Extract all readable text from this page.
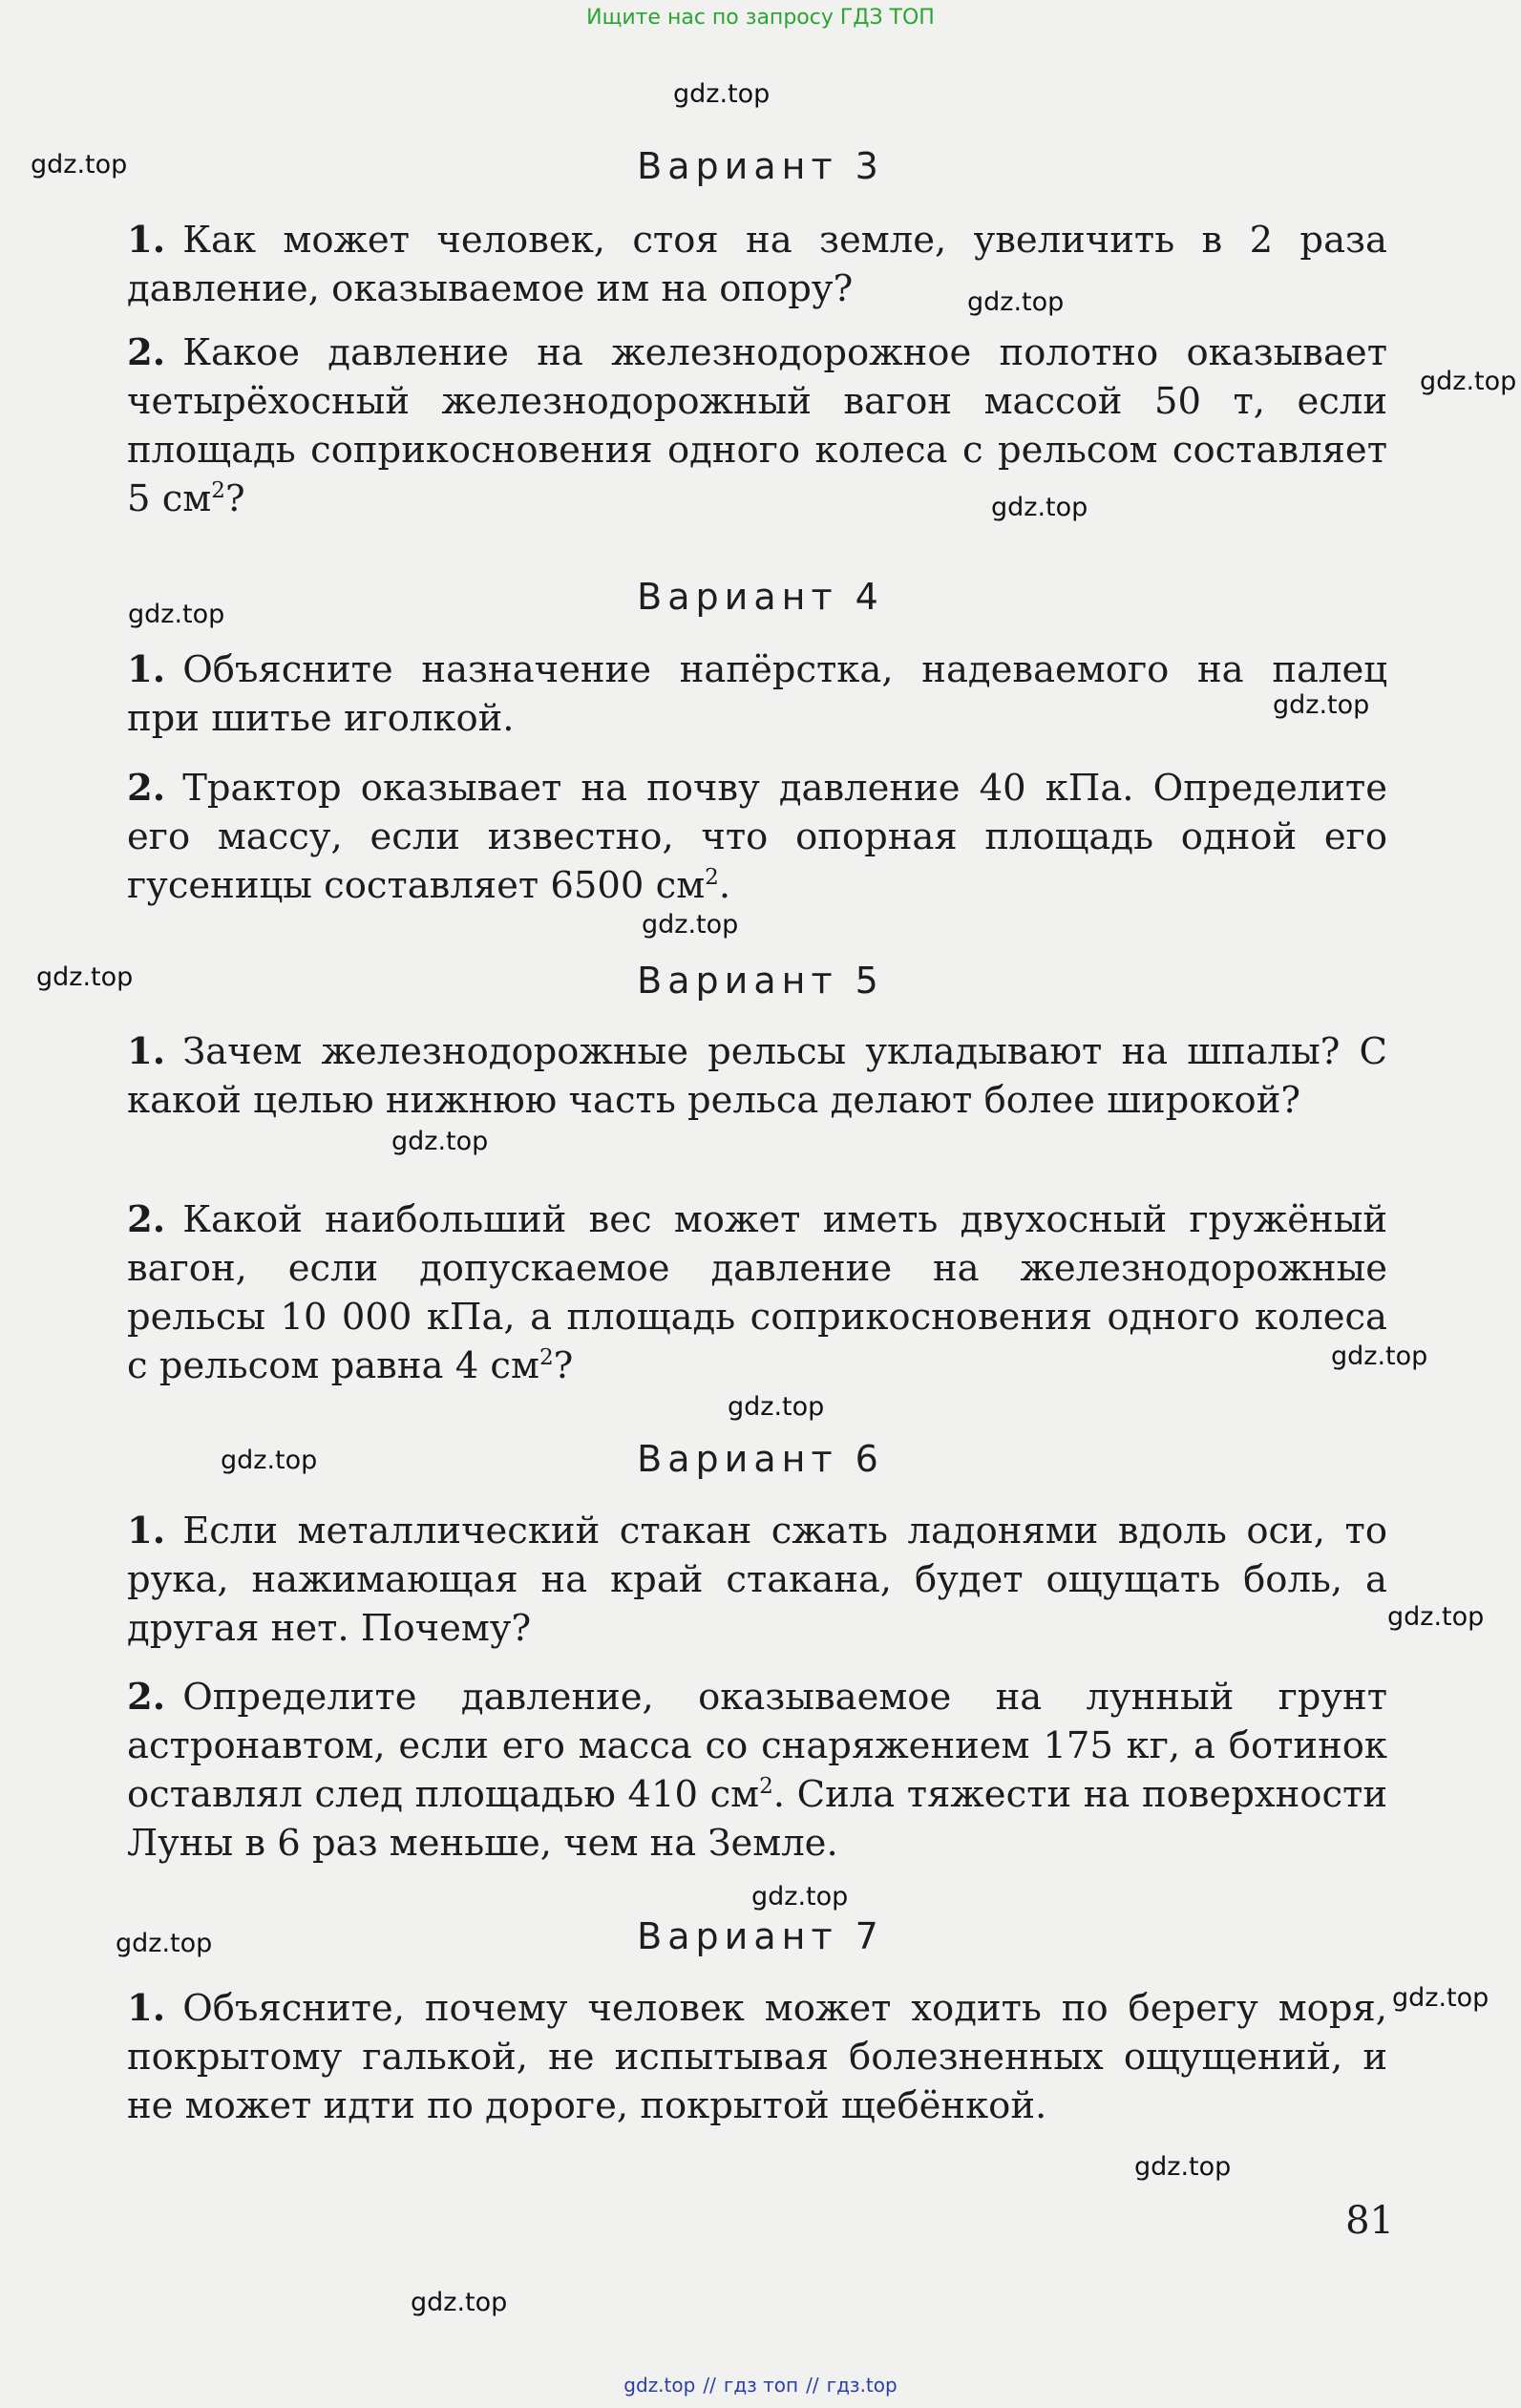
Ищите нас по запросу ГДЗ ТОП
gdz.top
gdz.top
gdz.top
gdz.top
gdz.top
gdz.top
gdz.top
gdz.top
gdz.top
gdz.top
gdz.top
gdz.top
gdz.top
gdz.top
gdz.top
gdz.top
gdz.top
gdz.top
gdz.top
Вариант 3
1. Как может человек, стоя на земле, увеличить в 2 раза давление, оказываемое им на опору?
2. Какое давление на железнодорожное полотно оказывает четырёхосный железнодорожный вагон массой 50 т, если площадь соприкосновения одного колеса с рельсом составляет 5 $см^2$?
Вариант 4
1. Объясните назначение напёрстка, надеваемого на палец при шитье иголкой.
2. Трактор оказывает на почву давление 40 кПа. Определите его массу, если известно, что опорная площадь одной его гусеницы составляет 6500 $см^2$.
Вариант 5
1. Зачем железнодорожные рельсы укладывают на шпалы? С какой целью нижнюю часть рельса делают более широкой?
2. Какой наибольший вес может иметь двухосный гружёный вагон, если допускаемое давление на железнодорожные рельсы 10 000 кПа, а площадь соприкосновения одного колеса с рельсом равна 4 $см^2$?
Вариант 6
1. Если металлический стакан сжать ладонями вдоль оси, то рука, нажимающая на край стакана, будет ощущать боль, а другая нет. Почему?
2. Определите давление, оказываемое на лунный грунт астронавтом, если его масса со снаряжением 175 кг, а ботинок оставлял след площадью 410 $см^2$. Сила тяжести на поверхности Луны в 6 раз меньше, чем на Земле.
Вариант 7
1. Объясните, почему человек может ходить по берегу моря, покрытому галькой, не испытывая болезненных ощущений, и не может идти по дороге, покрытой щебёнкой.
81
gdz.top // гдз топ // гдз.top
